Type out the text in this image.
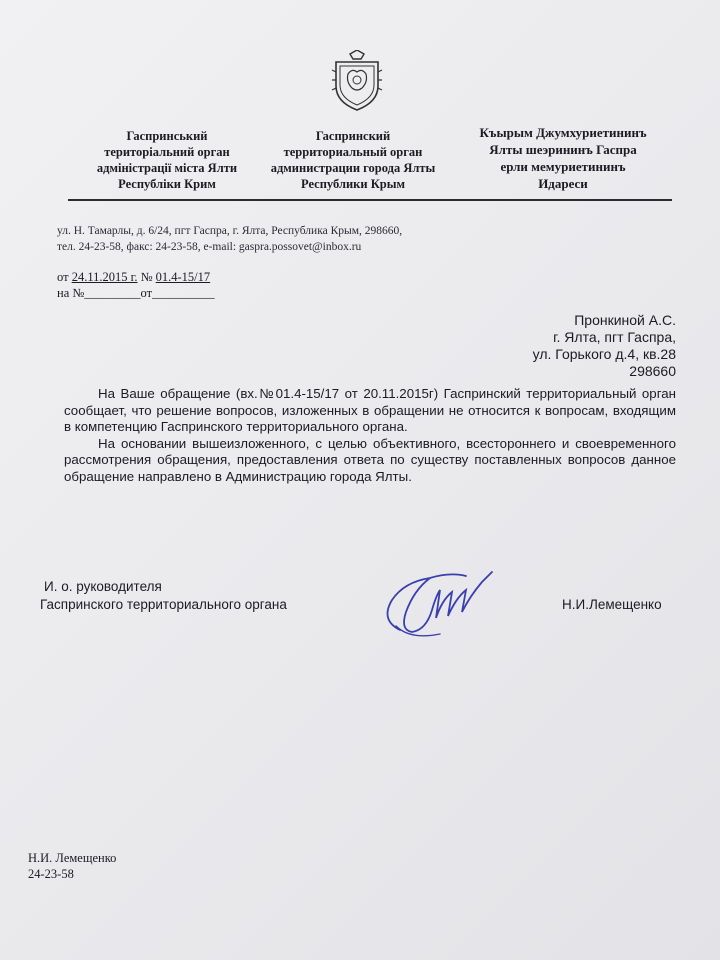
Гаспринський
територіальний орган
адміністрації міста Ялти
Республіки Крим
Гаспринский
территориальный орган
администрации города Ялты
Республики Крым
Къырым Джумхуриетининъ
Ялты шеэрининъ Гаспра
ерли мемуриетининъ
Идареси
ул. Н. Тамарлы, д. 6/24, пгт Гаспра, г. Ялта, Республика Крым, 298660,
тел. 24-23-58, факс: 24-23-58, e-mail: gaspra.possovet@inbox.ru
от 24.11.2015 г. № 01.4-15/17
на №_________от__________
Пронкиной А.С.
г. Ялта, пгт Гаспра,
ул. Горького д.4, кв.28
298660

На Ваше обращение (вх.№01.4-15/17 от 20.11.2015г) Гаспринский территориальный орган сообщает, что решение вопросов, изложенных в обращении не относится к вопросам, входящим в компетенцию Гаспринского территориального органа.

На основании вышеизложенного, с целью объективного, всестороннего и своевременного рассмотрения обращения, предоставления ответа по существу поставленных вопросов данное обращение направлено в Администрацию города Ялты.

И. о. руководителя
Гаспринского территориального органа	Н.И.Лемещенко
Н.И. Лемещенко
24-23-58
